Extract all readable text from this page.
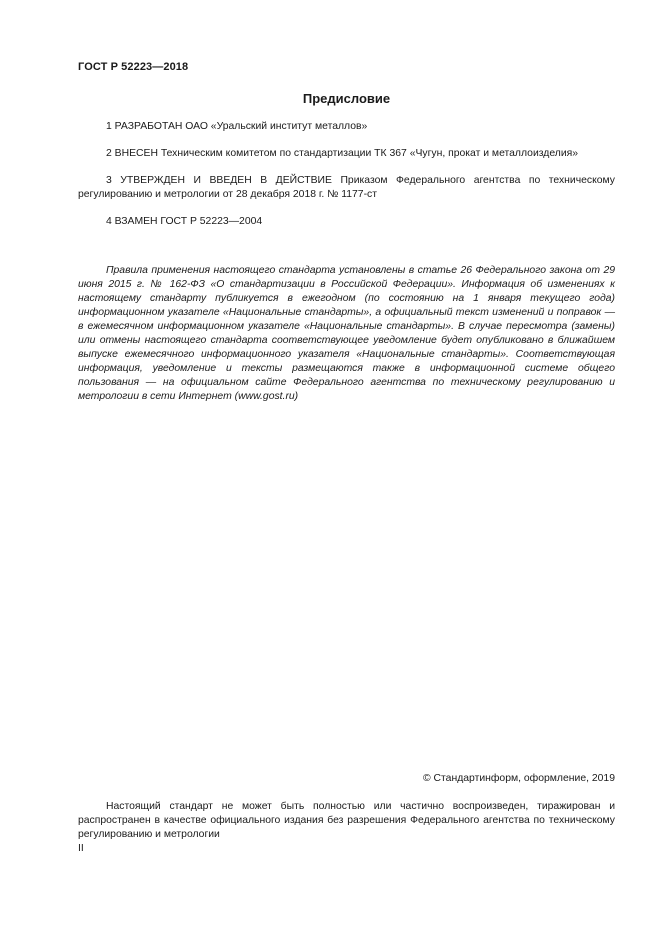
ГОСТ Р 52223—2018
Предисловие
1 РАЗРАБОТАН ОАО «Уральский институт металлов»
2 ВНЕСЕН Техническим комитетом по стандартизации ТК 367 «Чугун, прокат и металлоизделия»
3 УТВЕРЖДЕН И ВВЕДЕН В ДЕЙСТВИЕ Приказом Федерального агентства по техническому регулированию и метрологии от 28 декабря 2018 г. № 1177-ст
4 ВЗАМЕН ГОСТ Р 52223—2004
Правила применения настоящего стандарта установлены в статье 26 Федерального закона от 29 июня 2015 г. № 162-ФЗ «О стандартизации в Российской Федерации». Информация об изменениях к настоящему стандарту публикуется в ежегодном (по состоянию на 1 января текущего года) информационном указателе «Национальные стандарты», а официальный текст изменений и поправок — в ежемесячном информационном указателе «Национальные стандарты». В случае пересмотра (замены) или отмены настоящего стандарта соответствующее уведомление будет опубликовано в ближайшем выпуске ежемесячного информационного указателя «Национальные стандарты». Соответствующая информация, уведомление и тексты размещаются также в информационной системе общего пользования — на официальном сайте Федерального агентства по техническому регулированию и метрологии в сети Интернет (www.gost.ru)
© Стандартинформ, оформление, 2019
Настоящий стандарт не может быть полностью или частично воспроизведен, тиражирован и распространен в качестве официального издания без разрешения Федерального агентства по техническому регулированию и метрологии
II
